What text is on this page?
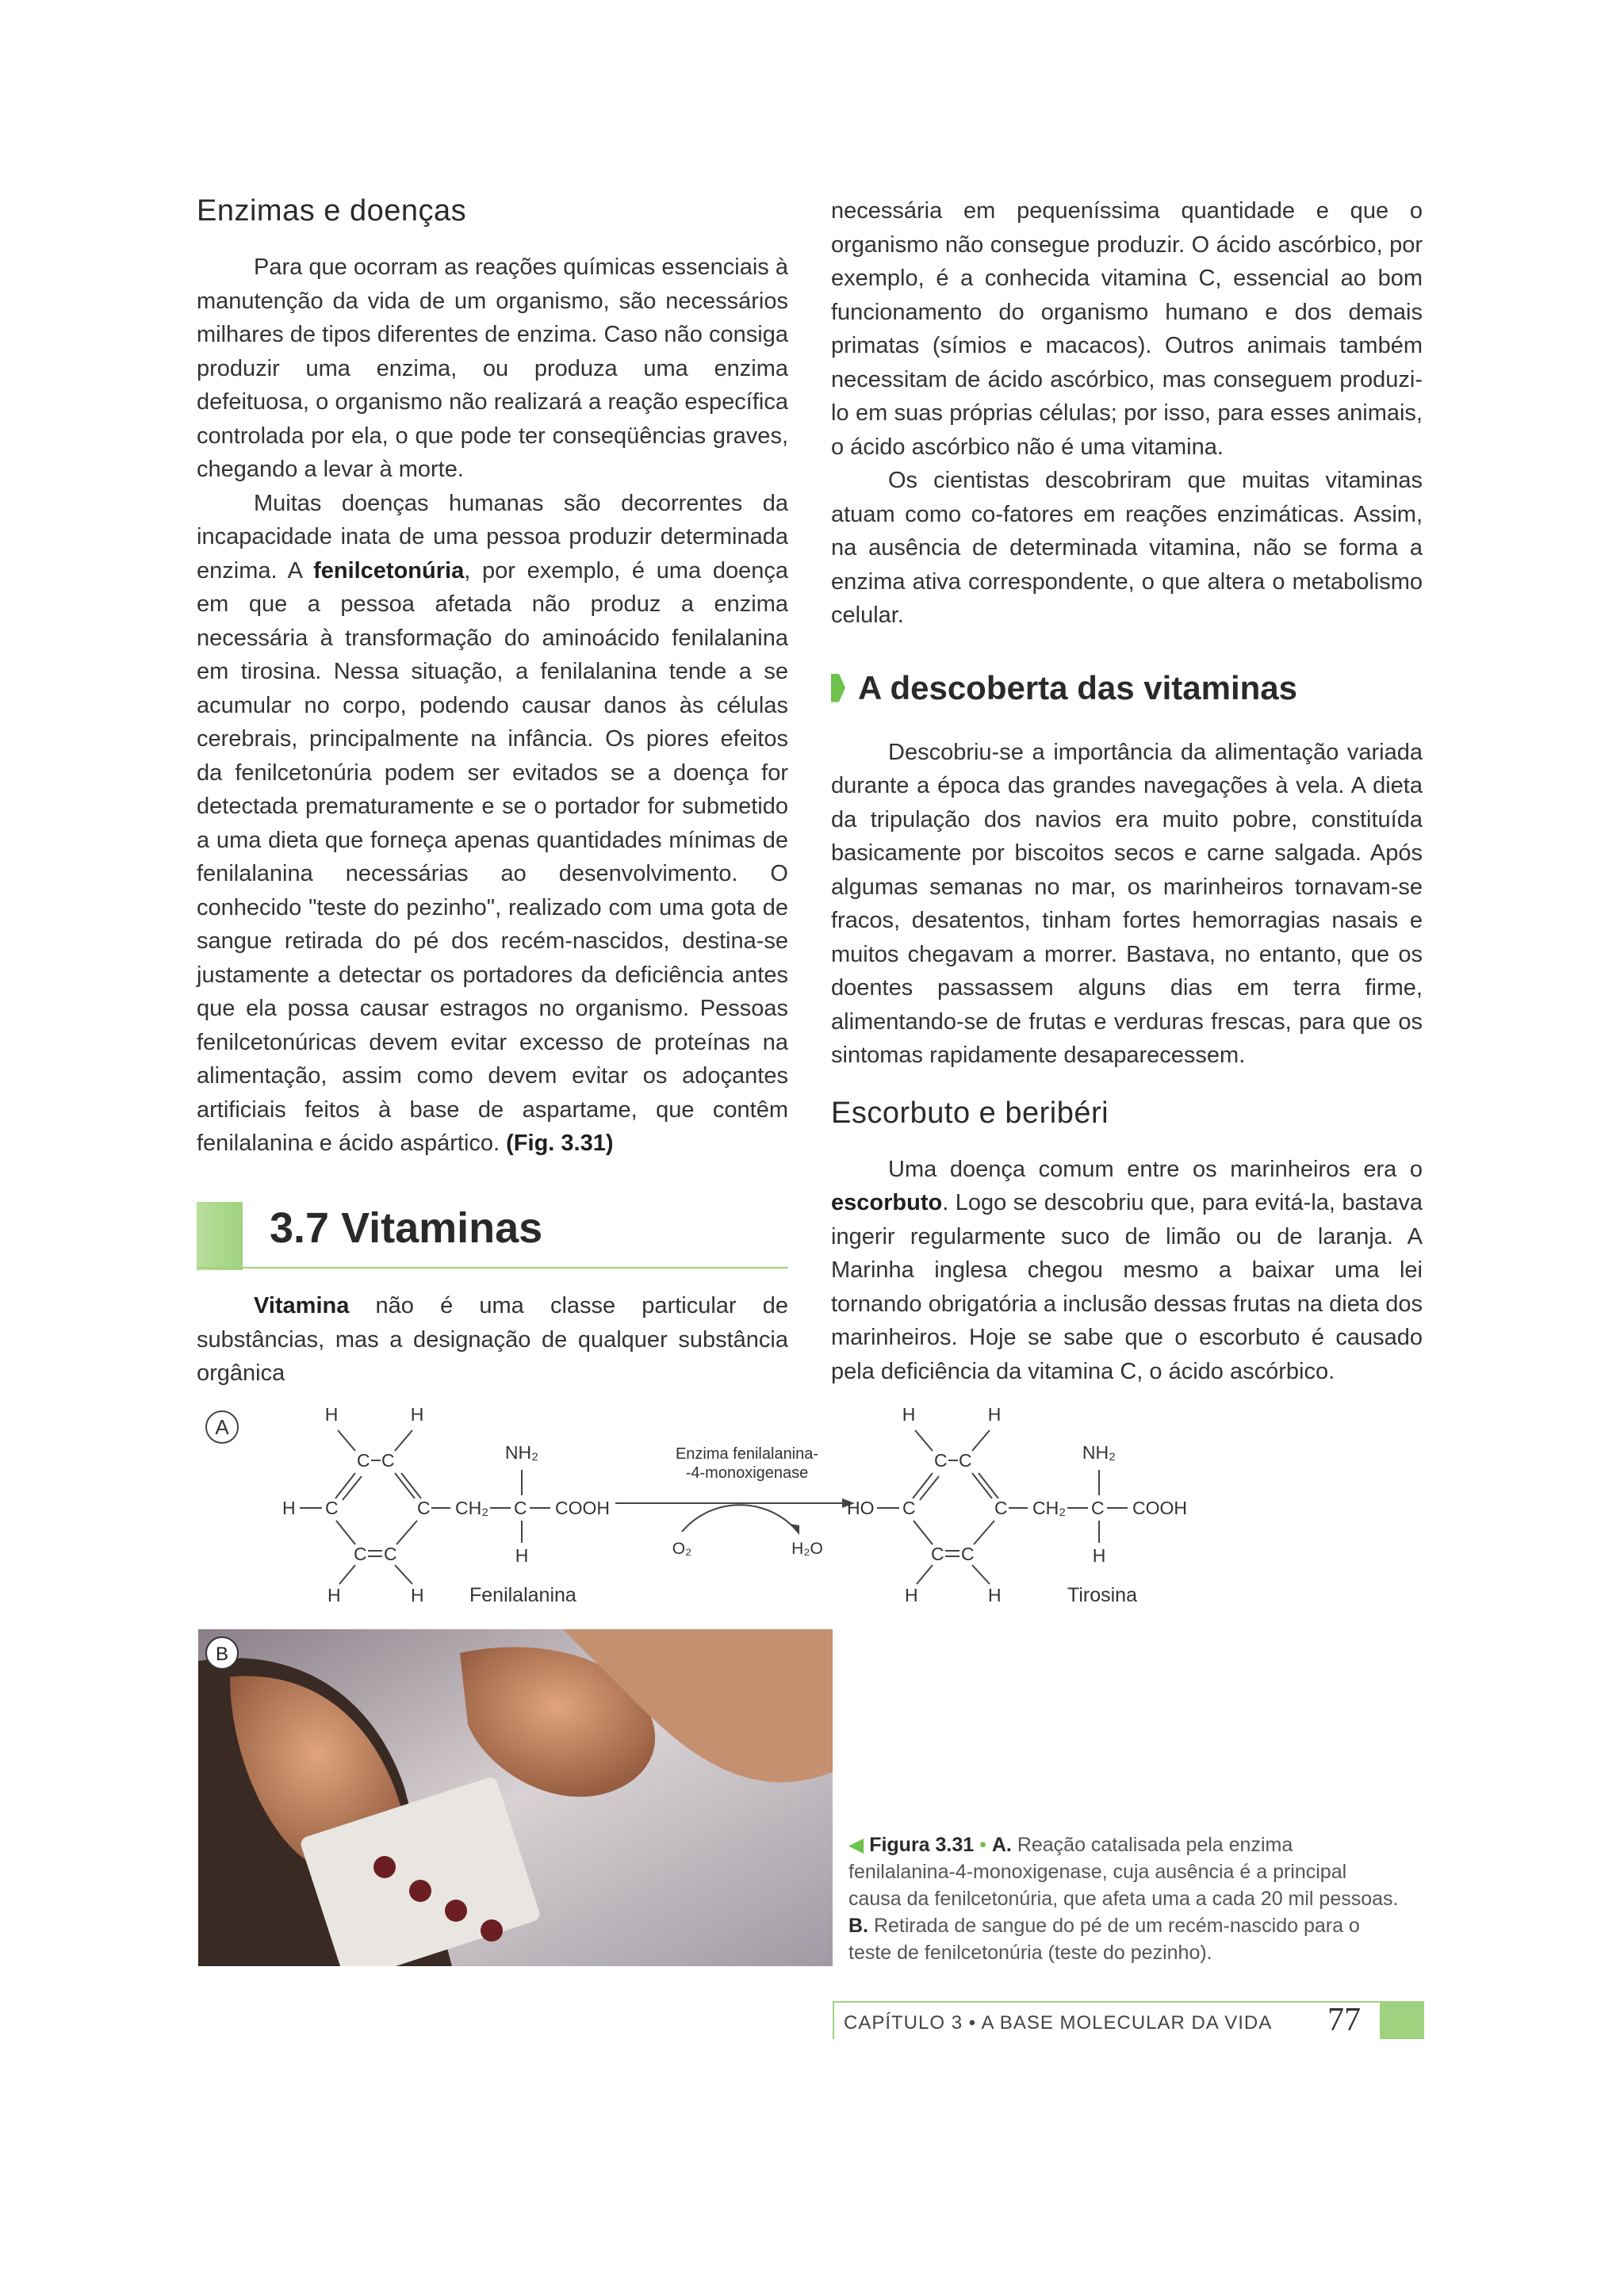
Enzimas e doenças

Para que ocorram as reações químicas essenciais à manutenção da vida de um organismo, são necessários milhares de tipos diferentes de enzima. Caso não consiga produzir uma enzima, ou produza uma enzima defeituosa, o organismo não realizará a reação específica controlada por ela, o que pode ter conseqüências graves, chegando a levar à morte.

Muitas doenças humanas são decorrentes da incapacidade inata de uma pessoa produzir determinada enzima. A fenilcetonúria, por exemplo, é uma doença em que a pessoa afetada não produz a enzima necessária à transformação do aminoácido fenilalanina em tirosina. Nessa situação, a fenilalanina tende a se acumular no corpo, podendo causar danos às células cerebrais, principalmente na infância. Os piores efeitos da fenilcetonúria podem ser evitados se a doença for detectada prematuramente e se o portador for submetido a uma dieta que forneça apenas quantidades mínimas de fenilalanina necessárias ao desenvolvimento. O conhecido "teste do pezinho", realizado com uma gota de sangue retirada do pé dos recém-nascidos, destina-se justamente a detectar os portadores da deficiência antes que ela possa causar estragos no organismo. Pessoas fenilcetonúricas devem evitar excesso de proteínas na alimentação, assim como devem evitar os adoçantes artificiais feitos à base de aspartame, que contêm fenilalanina e ácido aspártico. (Fig. 3.31)

3.7 Vitaminas

Vitamina não é uma classe particular de substâncias, mas a designação de qualquer substância orgânica

necessária em pequeníssima quantidade e que o organismo não consegue produzir. O ácido ascórbico, por exemplo, é a conhecida vitamina C, essencial ao bom funcionamento do organismo humano e dos demais primatas (símios e macacos). Outros animais também necessitam de ácido ascórbico, mas conseguem produzi-lo em suas próprias células; por isso, para esses animais, o ácido ascórbico não é uma vitamina.

Os cientistas descobriram que muitas vitaminas atuam como co-fatores em reações enzimáticas. Assim, na ausência de determinada vitamina, não se forma a enzima ativa correspondente, o que altera o metabolismo celular.

A descoberta das vitaminas

Descobriu-se a importância da alimentação variada durante a época das grandes navegações à vela. A dieta da tripulação dos navios era muito pobre, constituída basicamente por biscoitos secos e carne salgada. Após algumas semanas no mar, os marinheiros tornavam-se fracos, desatentos, tinham fortes hemorragias nasais e muitos chegavam a morrer. Bastava, no entanto, que os doentes passassem alguns dias em terra firme, alimentando-se de frutas e verduras frescas, para que os sintomas rapidamente desaparecessem.

Escorbuto e beribéri

Uma doença comum entre os marinheiros era o escorbuto. Logo se descobriu que, para evitá-la, bastava ingerir regularmente suco de limão ou de laranja. A Marinha inglesa chegou mesmo a baixar uma lei tornando obrigatória a inclusão dessas frutas na dieta dos marinheiros. Hoje se sabe que o escorbuto é causado pela deficiência da vitamina C, o ácido ascórbico.

A
H	H
C C
H C	C
C C
H	H
CH₂ C
NH₂
H
COOH
Fenilalanina
Enzima fenilalanina-
-4-monoxigenase
O₂	H₂O
H	H
C C
HO C	C
C C
H	H
CH₂ C
NH₂
H
COOH
Tirosina
B
◀ Figura 3.31 • A. Reação catalisada pela enzima fenilalanina-4-monoxigenase, cuja ausência é a principal causa da fenilcetonúria, que afeta uma a cada 20 mil pessoas. B. Retirada de sangue do pé de um recém-nascido para o teste de fenilcetonúria (teste do pezinho).
CAPÍTULO 3 • A BASE MOLECULAR DA VIDA 77
